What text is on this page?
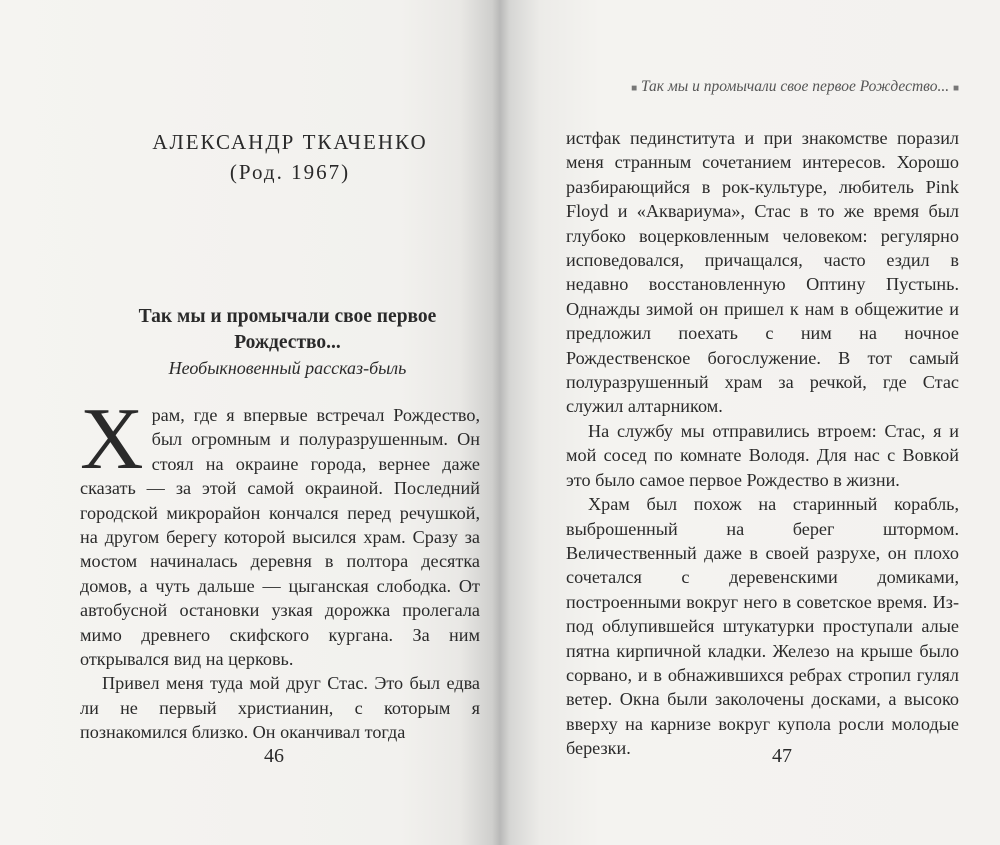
АЛЕКСАНДР ТКАЧЕНКО
(Род. 1967)
Так мы и промычали свое первое
Рождество...
Необыкновенный рассказ-быль

Храм, где я впервые встречал Рождество, был огромным и полуразрушенным. Он стоял на окраине города, вернее даже сказать — за этой самой окраиной. Последний городской микрорайон кончался перед речушкой, на другом берегу которой высился храм. Сразу за мостом начиналась деревня в полтора десятка домов, а чуть дальше — цыганская слободка. От автобусной остановки узкая дорожка пролегала мимо древнего скифского кургана. За ним открывался вид на церковь.

Привел меня туда мой друг Стас. Это был едва ли не первый христианин, с которым я познакомился близко. Он оканчивал тогда

46
■ Так мы и промычали свое первое Рождество... ■

истфак пединститута и при знакомстве поразил меня странным сочетанием интересов. Хорошо разбирающийся в рок-культуре, любитель Pink Floyd и «Аквариума», Стас в то же время был глубоко воцерковленным человеком: регулярно исповедовался, причащался, часто ездил в недавно восстановленную Оптину Пустынь. Однажды зимой он пришел к нам в общежитие и предложил поехать с ним на ночное Рождественское богослужение. В тот самый полуразрушенный храм за речкой, где Стас служил алтарником.

На службу мы отправились втроем: Стас, я и мой сосед по комнате Володя. Для нас с Вовкой это было самое первое Рождество в жизни.

Храм был похож на старинный корабль, выброшенный на берег штормом. Величественный даже в своей разрухе, он плохо сочетался с деревенскими домиками, построенными вокруг него в советское время. Из-под облупившейся штукатурки проступали алые пятна кирпичной кладки. Железо на крыше было сорвано, и в обнажившихся ребрах стропил гулял ветер. Окна были заколочены досками, а высоко вверху на карнизе вокруг купола росли молодые березки.	47
